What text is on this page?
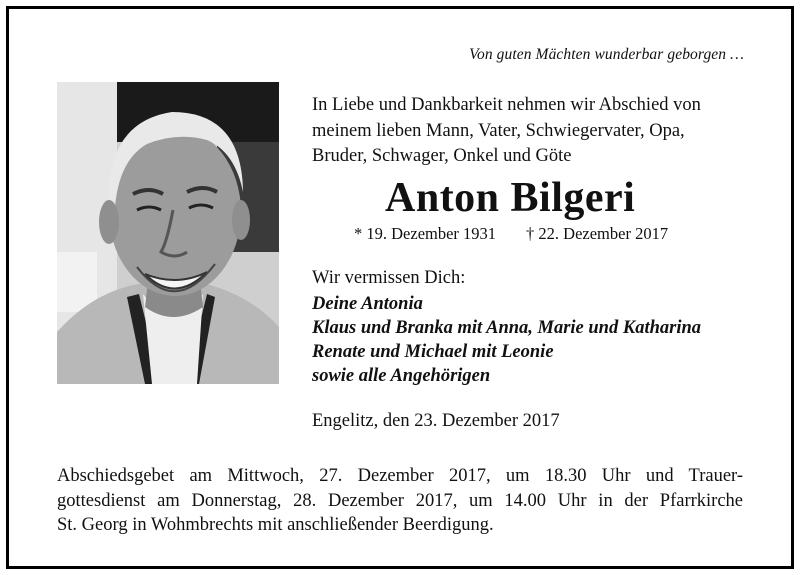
Von guten Mächten wunderbar geborgen …
In Liebe und Dankbarkeit nehmen wir Abschied von
meinem lieben Mann, Vater, Schwiegervater, Opa,
Bruder, Schwager, Onkel und Göte
Anton Bilgeri
* 19. Dezember 1931 † 22. Dezember 2017
Wir vermissen Dich:
Deine Antonia
Klaus und Branka mit Anna, Marie und Katharina
Renate und Michael mit Leonie
sowie alle Angehörigen
Engelitz, den 23. Dezember 2017
Abschiedsgebet am Mittwoch, 27. Dezember 2017, um 18.30 Uhr und Trauer-
gottesdienst am Donnerstag, 28. Dezember 2017, um 14.00 Uhr in der Pfarrkirche
St. Georg in Wohmbrechts mit anschließender Beerdigung.
